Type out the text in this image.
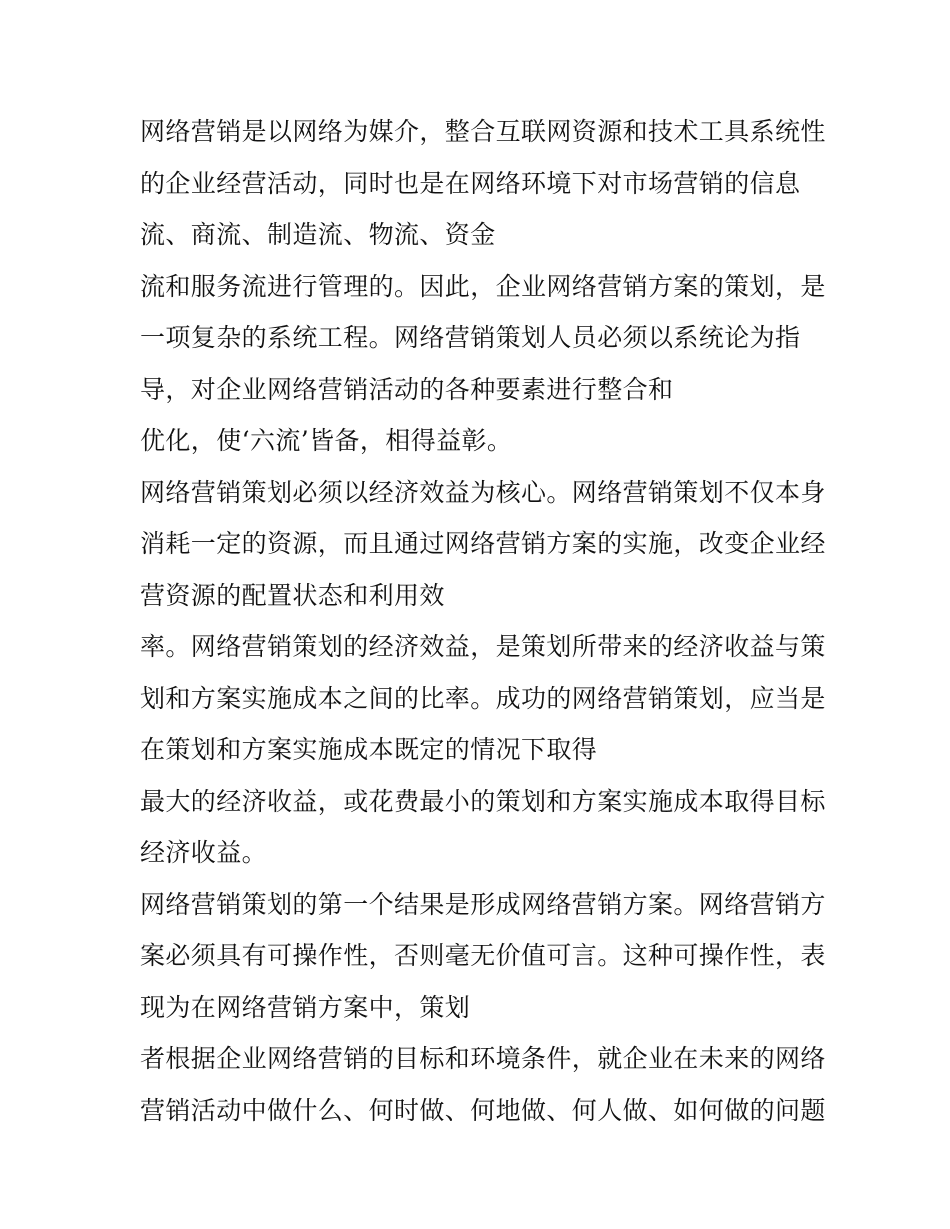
网络营销是以网络为媒介，整合互联网资源和技术工具系统性
的企业经营活动，同时也是在网络环境下对市场营销的信息
流、商流、制造流、物流、资金
流和服务流进行管理的。因此，企业网络营销方案的策划，是
一项复杂的系统工程。网络营销策划人员必须以系统论为指
导，对企业网络营销活动的各种要素进行整合和
优化，使‘六流’皆备，相得益彰。
网络营销策划必须以经济效益为核心。网络营销策划不仅本身
消耗一定的资源，而且通过网络营销方案的实施，改变企业经
营资源的配置状态和利用效
率。网络营销策划的经济效益，是策划所带来的经济收益与策
划和方案实施成本之间的比率。成功的网络营销策划，应当是
在策划和方案实施成本既定的情况下取得
最大的经济收益，或花费最小的策划和方案实施成本取得目标
经济收益。
网络营销策划的第一个结果是形成网络营销方案。网络营销方
案必须具有可操作性，否则毫无价值可言。这种可操作性，表
现为在网络营销方案中，策划
者根据企业网络营销的目标和环境条件，就企业在未来的网络
营销活动中做什么、何时做、何地做、何人做、如何做的问题
